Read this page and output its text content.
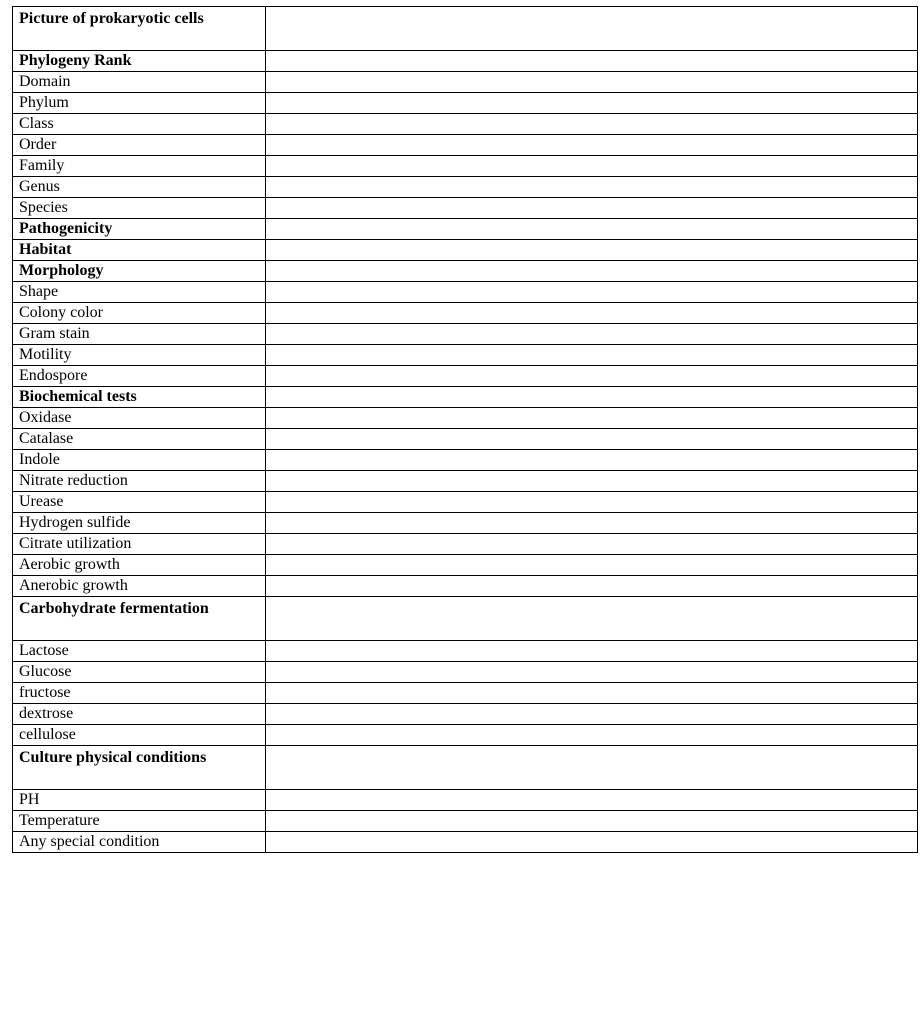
Picture of prokaryotic cells	
Phylogeny Rank	
Domain	
Phylum	
Class	
Order	
Family	
Genus	
Species	
Pathogenicity	
Habitat	
Morphology	
Shape	
Colony color	
Gram stain	
Motility	
Endospore	
Biochemical tests	
Oxidase	
Catalase	
Indole	
Nitrate reduction	
Urease	
Hydrogen sulfide	
Citrate utilization	
Aerobic growth	
Anerobic growth	
Carbohydrate fermentation	
Lactose	
Glucose	
fructose	
dextrose	
cellulose	
Culture physical conditions	
PH	
Temperature	
Any special condition	
